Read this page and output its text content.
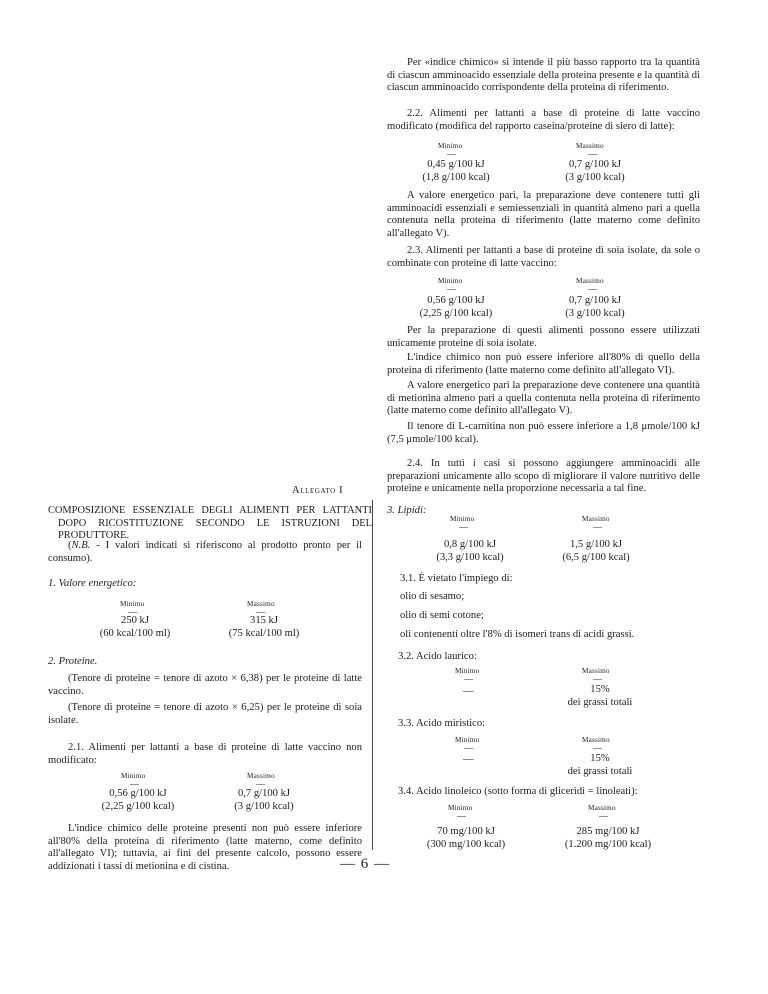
Per «indice chimico» si intende il più basso rapporto tra la quantità di ciascun amminoacido essenziale della proteina presente e la quantità di ciascun amminoacido corrispondente della proteina di riferimento.

2.2. Alimenti per lattanti a base di proteine di latte vaccino modificato (modifica del rapporto caseina/proteine di siero di latte):

Minimo
—
Massimo
—
0,45 g/100 kJ
(1,8 g/100 kcal)
0,7 g/100 kJ
(3 g/100 kcal)

A valore energetico pari, la preparazione deve contenere tutti gli amminoacidi essenziali e semiessenziali in quantità almeno pari a quella contenuta nella proteina di riferimento (latte materno come definito all'allegato V).

2.3. Alimenti per lattanti a base di proteine di soia isolate, da sole o combinate con proteine di latte vaccino:

Minimo
—
Massimo
—
0,56 g/100 kJ
(2,25 g/100 kcal)
0,7 g/100 kJ
(3 g/100 kcal)

Per la preparazione di questi alimenti possono essere utilizzati unicamente proteine di soia isolate.

L'indice chimico non può essere inferiore all'80% di quello della proteina di riferimento (latte materno come definito all'allegato VI).

A valore energetico pari la preparazione deve contenere una quantità di metionina almeno pari a quella contenuta nella proteina di riferimento (latte materno come definito all'allegato V).

Il tenore di L-carnitina non può essere inferiore a 1,8 μmole/100 kJ (7,5 μmole/100 kcal).

2.4. In tutti i casi si possono aggiungere amminoacidi alle preparazioni unicamente allo scopo di migliorare il valore nutritivo delle proteine e unicamente nella proporzione necessaria a tal fine.

Allegato I

COMPOSIZIONE ESSENZIALE DEGLI ALIMENTI PER LATTANTI DOPO RICOSTITUZIONE SECONDO LE ISTRUZIONI DEL PRODUTTORE.

(N.B. - I valori indicati si riferiscono al prodotto pronto per il consumo).

1. Valore energetico:
Minimo
—
Massimo
—
250 kJ
(60 kcal/100 ml)
315 kJ
(75 kcal/100 ml)
2. Proteine.

(Tenore di proteine = tenore di azoto × 6,38) per le proteine di latte vaccino.

(Tenore di proteine = tenore di azoto × 6,25) per le proteine di soia isolate.

2.1. Alimenti per lattanti a base di proteine di latte vaccino non modificato:

Minimo
—
Massimo
—
0,56 g/100 kJ
(2,25 g/100 kcal)
0,7 g/100 kJ
(3 g/100 kcal)

L'indice chimico delle proteine presenti non può essere inferiore all'80% della proteina di riferimento (latte materno, come definito all'allegato VI); tuttavia, ai fini del presente calcolo, possono essere addizionati i tassi di metionina e di cistina.

3. Lipidi:
Minimo
—
Massimo
—
0,8 g/100 kJ
(3,3 g/100 kcal)
1,5 g/100 kJ
(6,5 g/100 kcal)
3.1. È vietato l'impiego di:
olio di sesamo;
olio di semi cotone;
oli contenenti oltre l'8% di isomeri trans di acidi grassi.
3.2. Acido laurico:
Minimo
—
Massimo
—
—	15%
dei grassi totali
3.3. Acido miristico:
Minimo
—
Massimo
—
—	15%
dei grassi totali
3.4. Acido linoleico (sotto forma di gliceridi = linoleati):
Minimo
—
Massimo
—
70 mg/100 kJ
(300 mg/100 kcal)
285 mg/100 kJ
(1.200 mg/100 kcal)
— 6 —
